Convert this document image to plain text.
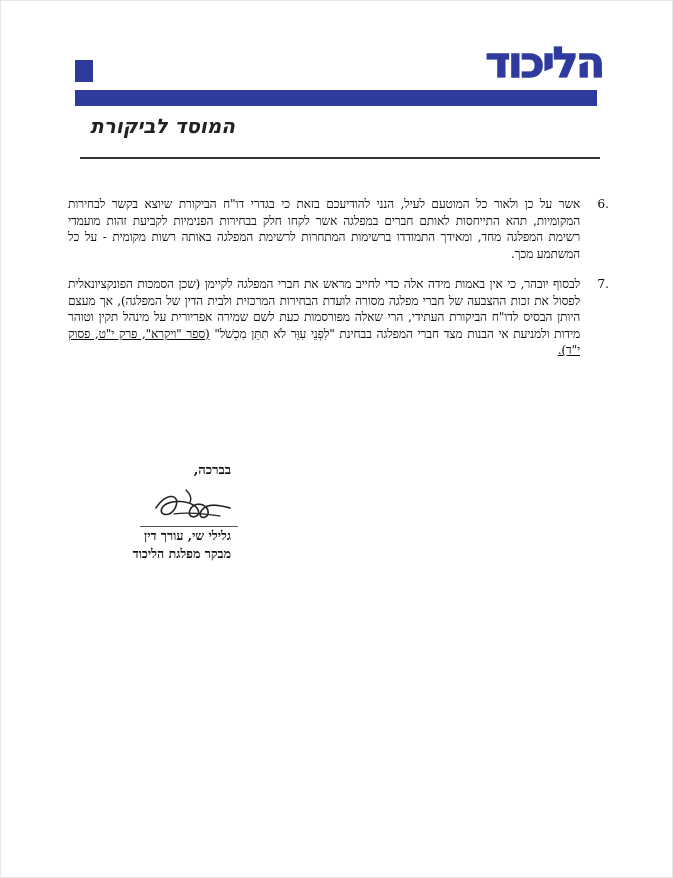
הליכוד
המוסד לביקורת
6.
אשר על כן ולאור כל המוטעם לעיל, הנני להודיעכם בזאת כי בגדרי דו"ח הביקורת שיוצא בקשר לבחירות המקומיות, תהא התייחסות לאותם חברים במפלגה אשר לקחו חלק בבחירות הפנימיות לקביעת זהות מועמדי רשימת המפלגה מחד, ומאידך התמודדו ברשימות המתחרות לרשימת המפלגה באותה רשות מקומית - על כל המשתמע מכך.
7.
לבסוף יובהר, כי אין באמות מידה אלה כדי לחייב מראש את חברי המפלגה לקיימן (שכן הסמכות הפונקציונאלית לפסול את זכות ההצבעה של חברי מפלגה מסורה לועדת הבחירות המרכזית ולבית הדין של המפלגה), אך מעצם היותן הבסיס לדו"ח הביקורת העתידי, הרי שאלה מפורסמות כעת לשם שמירה אפריורית על מינהל תקין וטוהר מידות ולמניעת אי הבנות מצד חברי המפלגה בבחינת "לִפְנֵי עִוֵּר לֹא תִתֵּן מִכְשֹׁל" (ספר "ויקרא", פרק י"ט, פסוק י"ד).
בברכה,
גלילי שי, עורך דין
מבקר מפלגת הליכוד
